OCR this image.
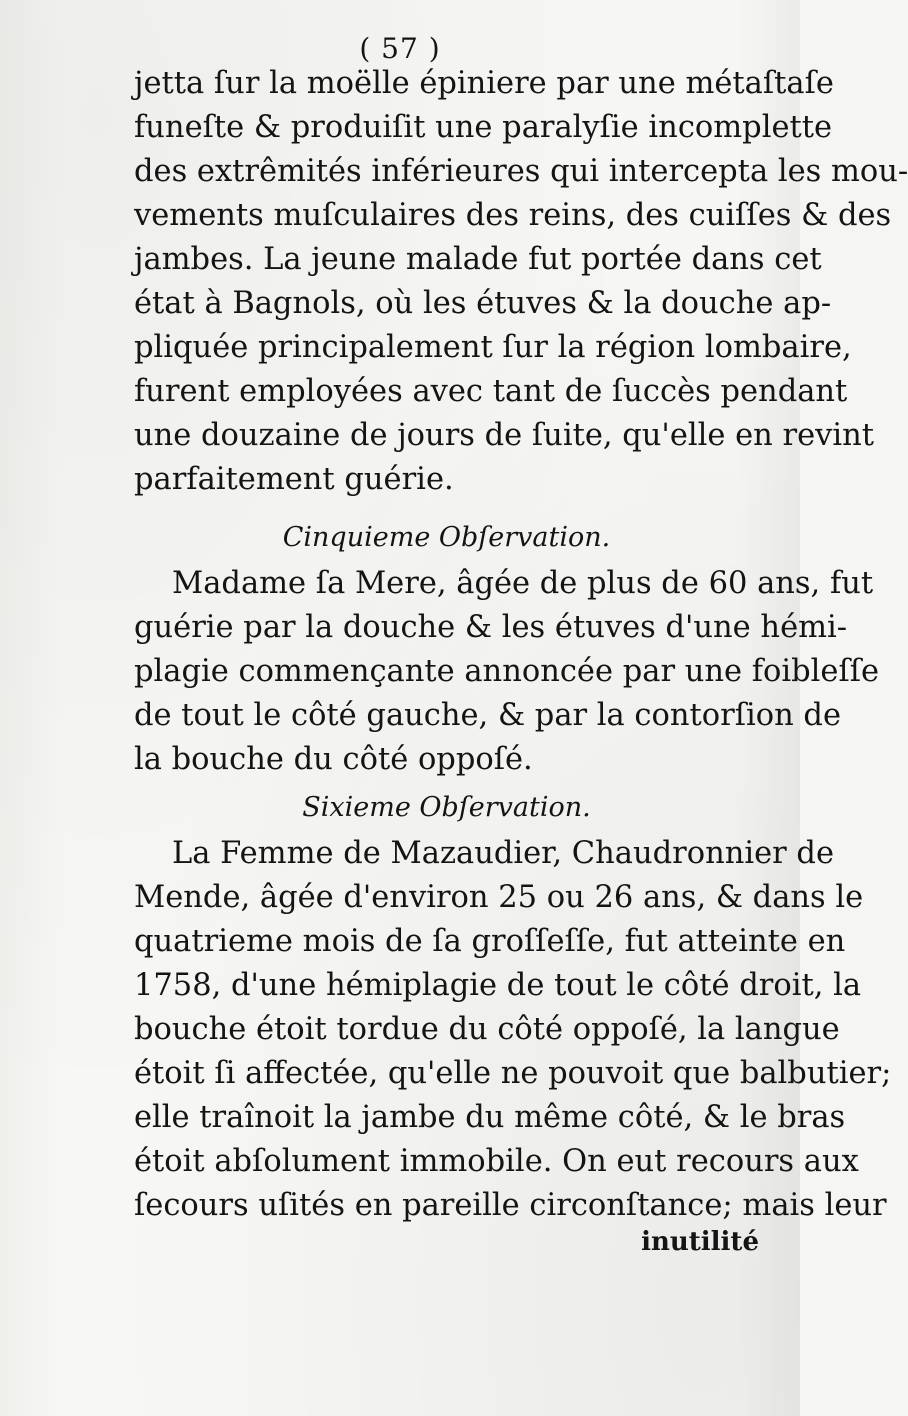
( 57 )
jetta ſur la moëlle épiniere par une métaſtaſe
funeſte & produiſit une paralyſie incomplette
des extrêmités inférieures qui intercepta les mou-
vements muſculaires des reins, des cuiſſes & des
jambes. La jeune malade fut portée dans cet
état à Bagnols, où les étuves & la douche ap-
pliquée principalement ſur la région lombaire,
furent employées avec tant de ſuccès pendant
une douzaine de jours de ſuite, qu'elle en revint
parfaitement guérie.
Cinquieme Obſervation.
Madame ſa Mere, âgée de plus de 60 ans, fut
guérie par la douche & les étuves d'une hémi-
plagie commençante annoncée par une foibleſſe
de tout le côté gauche, & par la contorſion de
la bouche du côté oppoſé.
Sixieme Obſervation.
La Femme de Mazaudier, Chaudronnier de
Mende, âgée d'environ 25 ou 26 ans, & dans le
quatrieme mois de ſa groſſeſſe, fut atteinte en
1758, d'une hémiplagie de tout le côté droit, la
bouche étoit tordue du côté oppoſé, la langue
étoit ſi affectée, qu'elle ne pouvoit que balbutier;
elle traînoit la jambe du même côté, & le bras
étoit abſolument immobile. On eut recours aux
ſecours uſités en pareille circonſtance; mais leur
inutilité
